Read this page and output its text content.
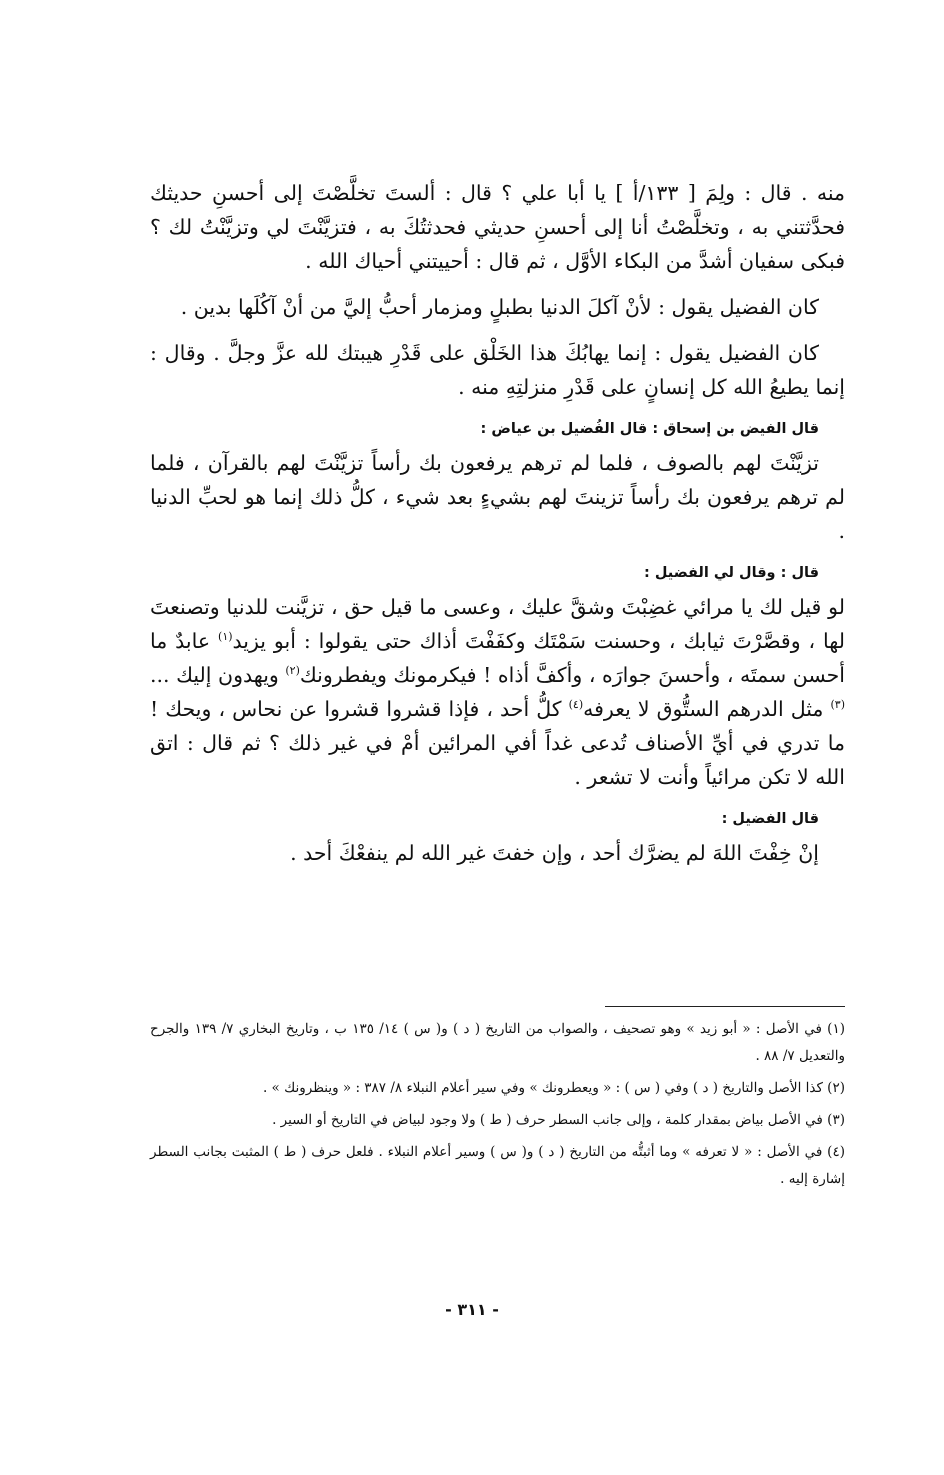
منه . قال : ولِمَ [ ١٣٣/أ ] يا أبا علي ؟ قال : ألستَ تخلَّصْتَ إلى أحسنِ حديثك فحدَّثتني به ، وتخلَّصْتُ أنا إلى أحسنِ حديثي فحدثتُكَ به ، فتزيَّنْتَ لي وتزيَّنْتُ لك ؟ فبكى سفيان أشدَّ من البكاء الأوَّل ، ثم قال : أحييتني أحياك الله .

كان الفضيل يقول : لأنْ آكلَ الدنيا بطبلٍ ومزمار أحبُّ إليَّ من أنْ آكُلَها بدين .

كان الفضيل يقول : إنما يهابُكَ هذا الخَلْق على قَدْرِ هيبتك لله عزَّ وجلَّ . وقال : إنما يطيعُ الله كل إنسانٍ على قَدْرِ منزلتِهِ منه .

قال الفيض بن إسحاق : قال الفُضيل بن عياض :

تزيَّنْتَ لهم بالصوف ، فلما لم ترهم يرفعون بك رأساً تزيَّنْتَ لهم بالقرآن ، فلما لم ترهم يرفعون بك رأساً تزينتَ لهم بشيءٍ بعد شيء ، كلُّ ذلك إنما هو لحبِّ الدنيا .

قال : وقال لي الفضيل :

لو قيل لك يا مرائي غضِبْتَ وشقَّ عليك ، وعسى ما قيل حق ، تزيَّنت للدنيا وتصنعتَ لها ، وقصَّرْتَ ثيابك ، وحسنت سَمْتَك وكفَفْتَ أذاك حتى يقولوا : أبو يزيد$^{(١)}$ عابدٌ ما أحسن سمتَه ، وأحسنَ جوارَه ، وأكفَّ أذاه ! فيكرمونك ويفطرونك$^{(٢)}$ ويهدون إليك ...$^{(٣)}$ مثل الدرهم الستُّوق لا يعرفه$^{(٤)}$ كلُّ أحد ، فإذا قشروا قشروا عن نحاس ، ويحك ! ما تدري في أيِّ الأصناف تُدعى غداً أفي المرائين أمْ في غير ذلك ؟ ثم قال : اتق الله لا تكن مرائياً وأنت لا تشعر .

قال الفضيل :

إنْ خِفْتَ اللهَ لم يضرَّك أحد ، وإن خفتَ غير الله لم ينفعْكَ أحد .

(١) في الأصل : « أبو زيد » وهو تصحيف ، والصواب من التاريخ ( د ) و( س ) ١٤/ ١٣٥ ب ، وتاريخ البخاري ٧/ ١٣٩ والجرح والتعديل ٧/ ٨٨ .

(٢) كذا الأصل والتاريخ ( د ) وفي ( س ) : « ويعطرونك » وفي سير أعلام النبلاء ٨/ ٣٨٧ : « وينظرونك » .

(٣) في الأصل بياض بمقدار كلمة ، وإلى جانب السطر حرف ( ط ) ولا وجود لبياض في التاريخ أو السير .

(٤) في الأصل : « لا تعرفه » وما أثبتُّه من التاريخ ( د ) و( س ) وسير أعلام النبلاء . فلعل حرف ( ط ) المثبت بجانب السطر إشارة إليه .

- ٣١١ -
